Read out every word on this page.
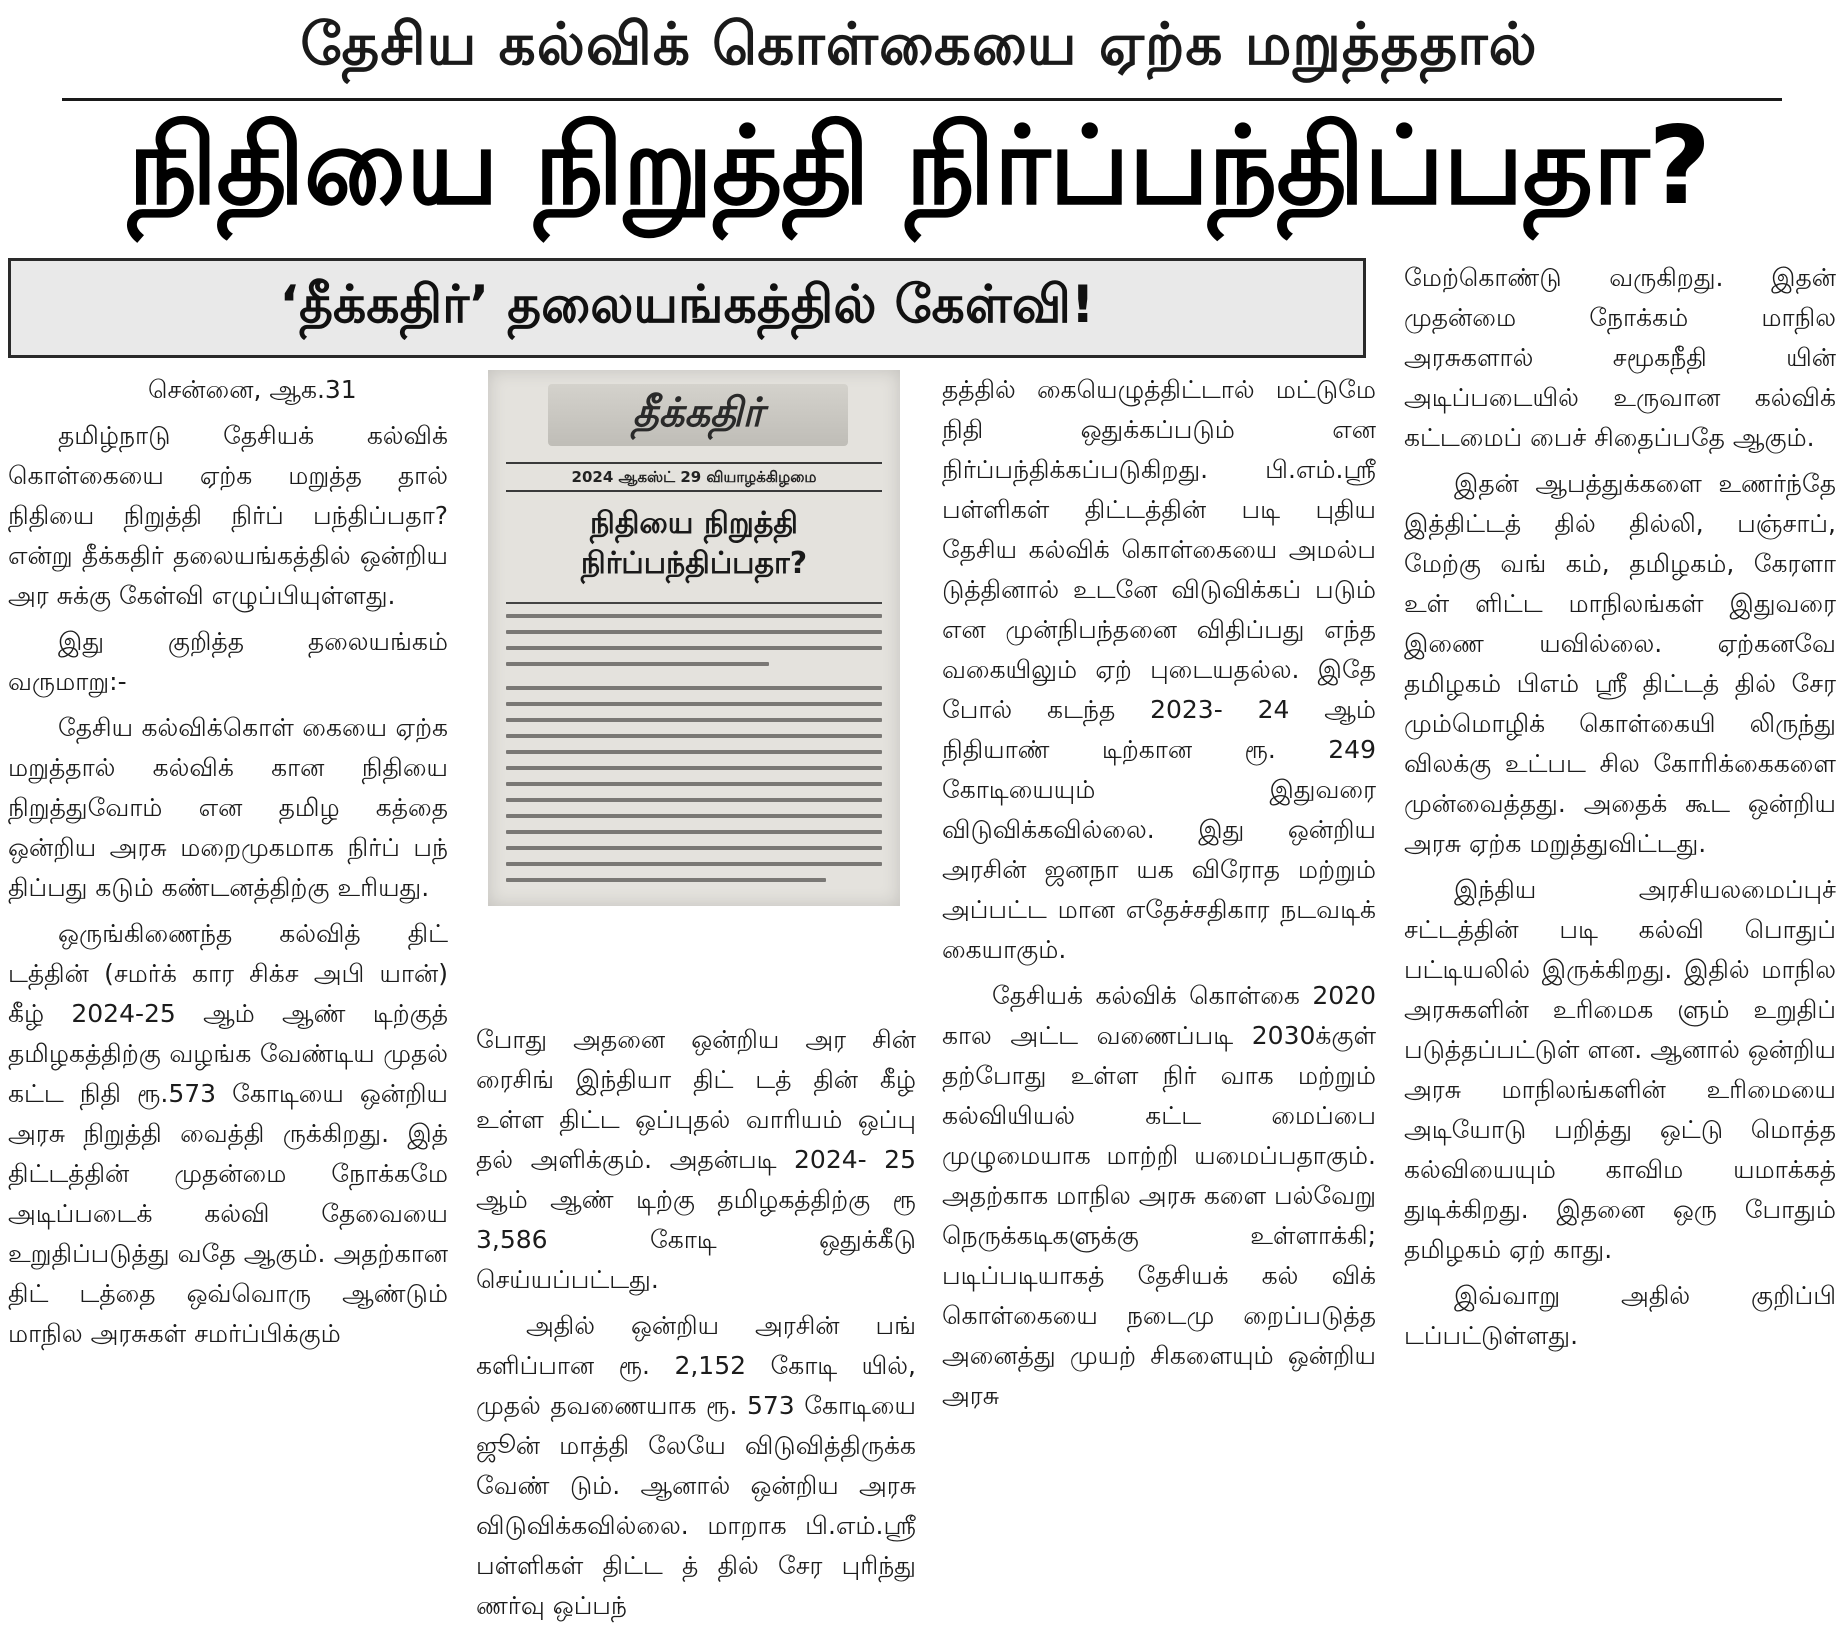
தேசிய கல்விக் கொள்கையை ஏற்க மறுத்ததால்
நிதியை நிறுத்தி நிர்ப்பந்திப்பதா?
‘தீக்கதிர்’ தலையங்கத்தில் கேள்வி!

சென்னை, ஆக.31

தமிழ்நாடு தேசியக் கல்விக் கொள்கையை ஏற்க மறுத்த தால் நிதியை நிறுத்தி நிர்ப் பந்திப்பதா? என்று தீக்கதிர் தலையங்கத்தில் ஒன்றிய அர சுக்கு கேள்வி எழுப்பியுள்ளது.

இது குறித்த தலையங்கம் வருமாறு:-

தேசிய கல்விக்கொள் கையை ஏற்க மறுத்தால் கல்விக் கான நிதியை நிறுத்துவோம் என தமிழ கத்தை ஒன்றிய அரசு மறைமுகமாக நிர்ப் பந் திப்பது கடும் கண்டனத்திற்கு உரியது.

ஒருங்கிணைந்த கல்வித் திட் டத்தின் (சமர்க் கார சிக்ச அபி யான்) கீழ் 2024-25 ஆம் ஆண் டிற்குத் தமிழகத்திற்கு வழங்க வேண்டிய முதல் கட்ட நிதி ரூ.573 கோடியை ஒன்றிய அரசு நிறுத்தி வைத்தி ருக்கிறது. இத் திட்டத்தின் முதன்மை நோக்கமே அடிப்படைக் கல்வி தேவையை உறுதிப்படுத்து வதே ஆகும். அதற்கான திட் டத்தை ஒவ்வொரு ஆண்டும் மாநில அரசுகள் சமர்ப்பிக்கும்

தீக்கதிர்
2024 ஆகஸ்ட் 29 வியாழக்கிழமை
நிதியை நிறுத்தி நிர்ப்பந்திப்பதா?

போது அதனை ஒன்றிய அர சின் ரைசிங் இந்தியா திட் டத் தின் கீழ் உள்ள திட்ட ஒப்புதல் வாரியம் ஒப்பு தல் அளிக்கும். அதன்படி 2024- 25 ஆம் ஆண் டிற்கு தமிழகத்திற்கு ரூ 3,586 கோடி ஒதுக்கீடு செய்யப்பட்டது.

அதில் ஒன்றிய அரசின் பங் களிப்பான ரூ. 2,152 கோடி யில், முதல் தவணையாக ரூ. 573 கோடியை ஜூன் மாத்தி லேயே விடுவித்திருக்க வேண் டும். ஆனால் ஒன்றிய அரசு விடுவிக்கவில்லை. மாறாக பி.எம்.ஸ்ரீ பள்ளிகள் திட்ட த் தில் சேர புரிந்து ணர்வு ஒப்பந்

தத்தில் கையெழுத்திட்டால் மட்டுமே நிதி ஒதுக்கப்படும் என நிர்ப்பந்திக்கப்படுகிறது. பி.எம்.ஸ்ரீ பள்ளிகள் திட்டத்தின் படி புதிய தேசிய கல்விக் கொள்கையை அமல்ப டுத்தினால் உடனே விடுவிக்கப் படும் என முன்நிபந்தனை விதிப்பது எந்த வகையிலும் ஏற் புடையதல்ல. இதே போல் கடந்த 2023- 24 ஆம் நிதியாண் டிற்கான ரூ. 249 கோடியையும் இதுவரை விடுவிக்கவில்லை. இது ஒன்றிய அரசின் ஜனநா யக விரோத மற்றும் அப்பட்ட மான எதேச்சதிகார நடவடிக் கையாகும்.

தேசியக் கல்விக் கொள்கை 2020 கால அட்ட வணைப்படி 2030க்குள் தற்போது உள்ள நிர் வாக மற்றும் கல்வியியல் கட்ட மைப்பை முழுமையாக மாற்றி யமைப்பதாகும். அதற்காக மாநில அரசு களை பல்வேறு நெருக்கடிகளுக்கு உள்ளாக்கி; படிப்படியாகத் தேசியக் கல் விக் கொள்கையை நடைமு றைப்படுத்த அனைத்து முயற் சிகளையும் ஒன்றிய அரசு

மேற்கொண்டு வருகிறது. இதன் முதன்மை நோக்கம் மாநில அரசுகளால் சமூகநீதி யின் அடிப்படையில் உருவான கல்விக் கட்டமைப் பைச் சிதைப்பதே ஆகும்.

இதன் ஆபத்துக்களை உணர்ந்தே இத்திட்டத் தில் தில்லி, பஞ்சாப், மேற்கு வங் கம், தமிழகம், கேரளா உள் ளிட்ட மாநிலங்கள் இதுவரை இணை யவில்லை. ஏற்கனவே தமிழகம் பிஎம் ஸ்ரீ திட்டத் தில் சேர மும்மொழிக் கொள்கையி லிருந்து விலக்கு உட்பட சில கோரிக்கைகளை முன்வைத்தது. அதைக் கூட ஒன்றிய அரசு ஏற்க மறுத்துவிட்டது.

இந்திய அரசியலமைப்புச் சட்டத்தின் படி கல்வி பொதுப் பட்டியலில் இருக்கிறது. இதில் மாநில அரசுகளின் உரிமைக ளும் உறுதிப் படுத்தப்பட்டுள் ளன. ஆனால் ஒன்றிய அரசு மாநிலங்களின் உரிமையை அடியோடு பறித்து ஒட்டு மொத்த கல்வியையும் காவிம யமாக்கத் துடிக்கிறது. இதனை ஒரு போதும் தமிழகம் ஏற் காது.

இவ்வாறு அதில் குறிப்பி டப்பட்டுள்ளது.
